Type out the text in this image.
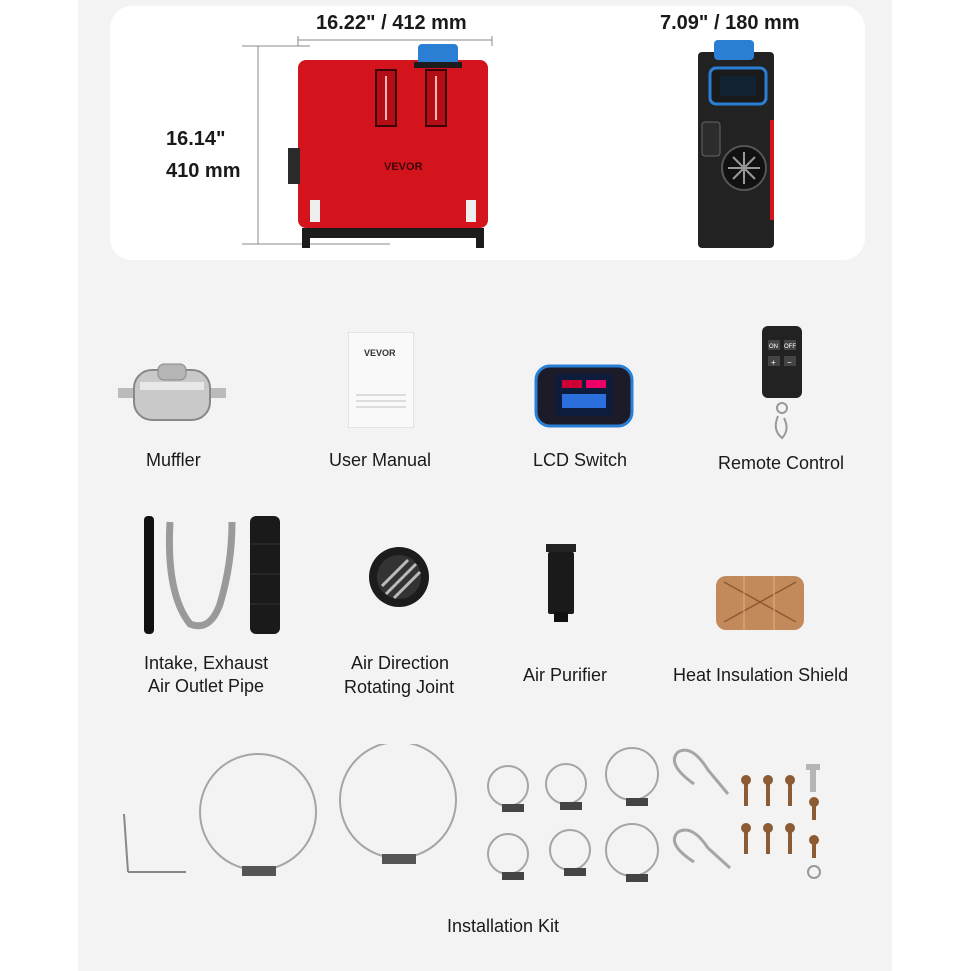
16.22" / 412 mm
16.14"
410 mm
7.09" / 180 mm
VEVOR
Muffler
VEVOR
User Manual	LCD Switch
ON OFF
+ −
Remote Control
Intake, Exhaust
Air Outlet Pipe
Air Direction
Rotating Joint
Air Purifier	Heat Insulation Shield
Installation Kit
